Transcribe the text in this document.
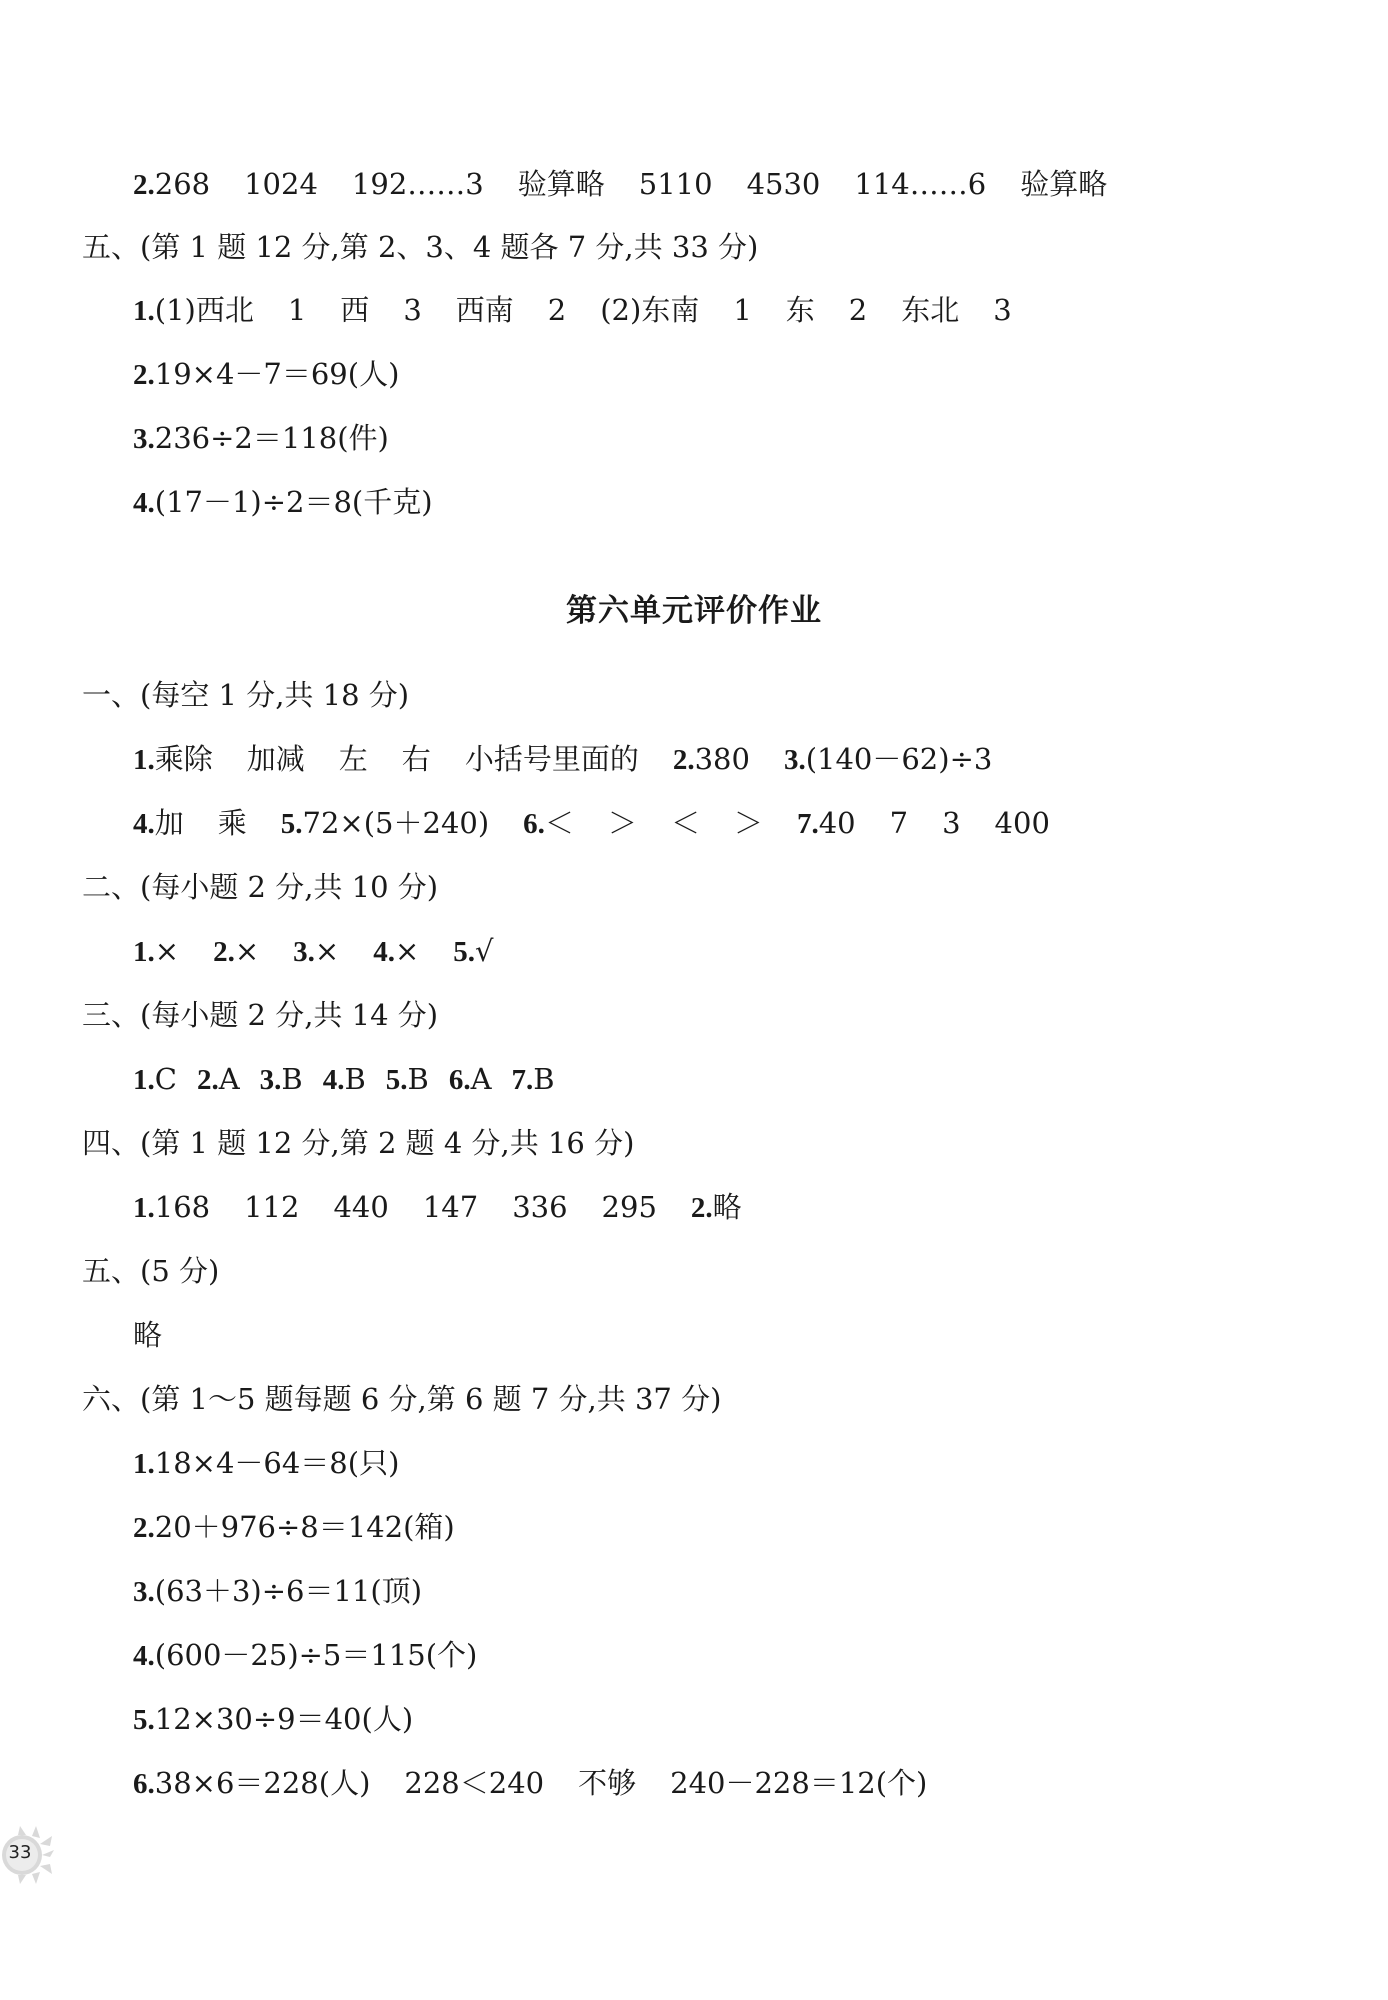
2.268 1024 192……3 验算略 5110 4530 114……6 验算略
五、(第 1 题 12 分,第 2、3、4 题各 7 分,共 33 分)
1.(1)西北 1 西 3 西南 2 (2)东南 1 东 2 东北 3
2.19×4－7＝69(人)
3.236÷2＝118(件)
4.(17－1)÷2＝8(千克)
第六单元评价作业
一、(每空 1 分,共 18 分)
1.乘除 加减 左 右 小括号里面的 2.380 3.(140－62)÷3
4.加 乘 5.72×(5＋240) 6.＜ ＞ ＜ ＞ 7.40 7 3 400
二、(每小题 2 分,共 10 分)
1.× 2.× 3.× 4.× 5.√
三、(每小题 2 分,共 14 分)
1.C 2.A 3.B 4.B 5.B 6.A 7.B
四、(第 1 题 12 分,第 2 题 4 分,共 16 分)
1.168 112 440 147 336 295 2.略
五、(5 分)
略
六、(第 1～5 题每题 6 分,第 6 题 7 分,共 37 分)
1.18×4－64＝8(只)
2.20＋976÷8＝142(箱)
3.(63＋3)÷6＝11(顶)
4.(600－25)÷5＝115(个)
5.12×30÷9＝40(人)
6.38×6＝228(人) 228＜240 不够 240－228＝12(个)
33
